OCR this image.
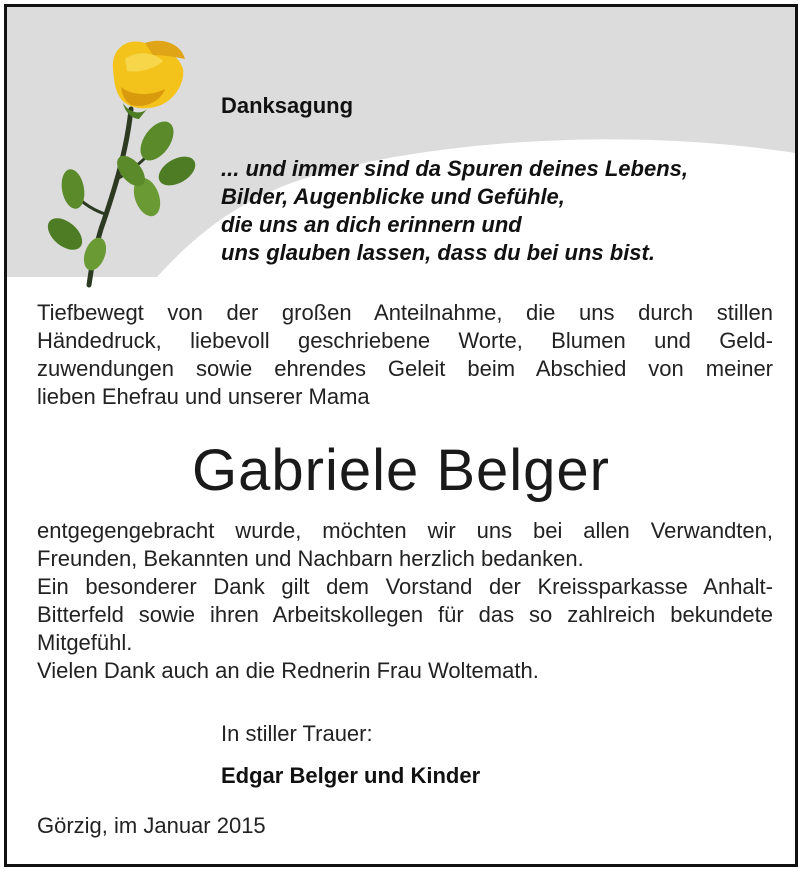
Danksagung
... und immer sind da Spuren deines Lebens,
Bilder, Augenblicke und Gefühle,
die uns an dich erinnern und
uns glauben lassen, dass du bei uns bist.
Tiefbewegt von der großen Anteilnahme, die uns durch stillen
Händedruck, liebevoll geschriebene Worte, Blumen und Geld-
zuwendungen sowie ehrendes Geleit beim Abschied von meiner
lieben Ehefrau und unserer Mama
Gabriele Belger
entgegengebracht wurde, möchten wir uns bei allen Verwandten,
Freunden, Bekannten und Nachbarn herzlich bedanken.
Ein besonderer Dank gilt dem Vorstand der Kreissparkasse Anhalt-
Bitterfeld sowie ihren Arbeitskollegen für das so zahlreich bekundete
Mitgefühl.
Vielen Dank auch an die Rednerin Frau Woltemath.
In stiller Trauer:
Edgar Belger und Kinder
Görzig, im Januar 2015
